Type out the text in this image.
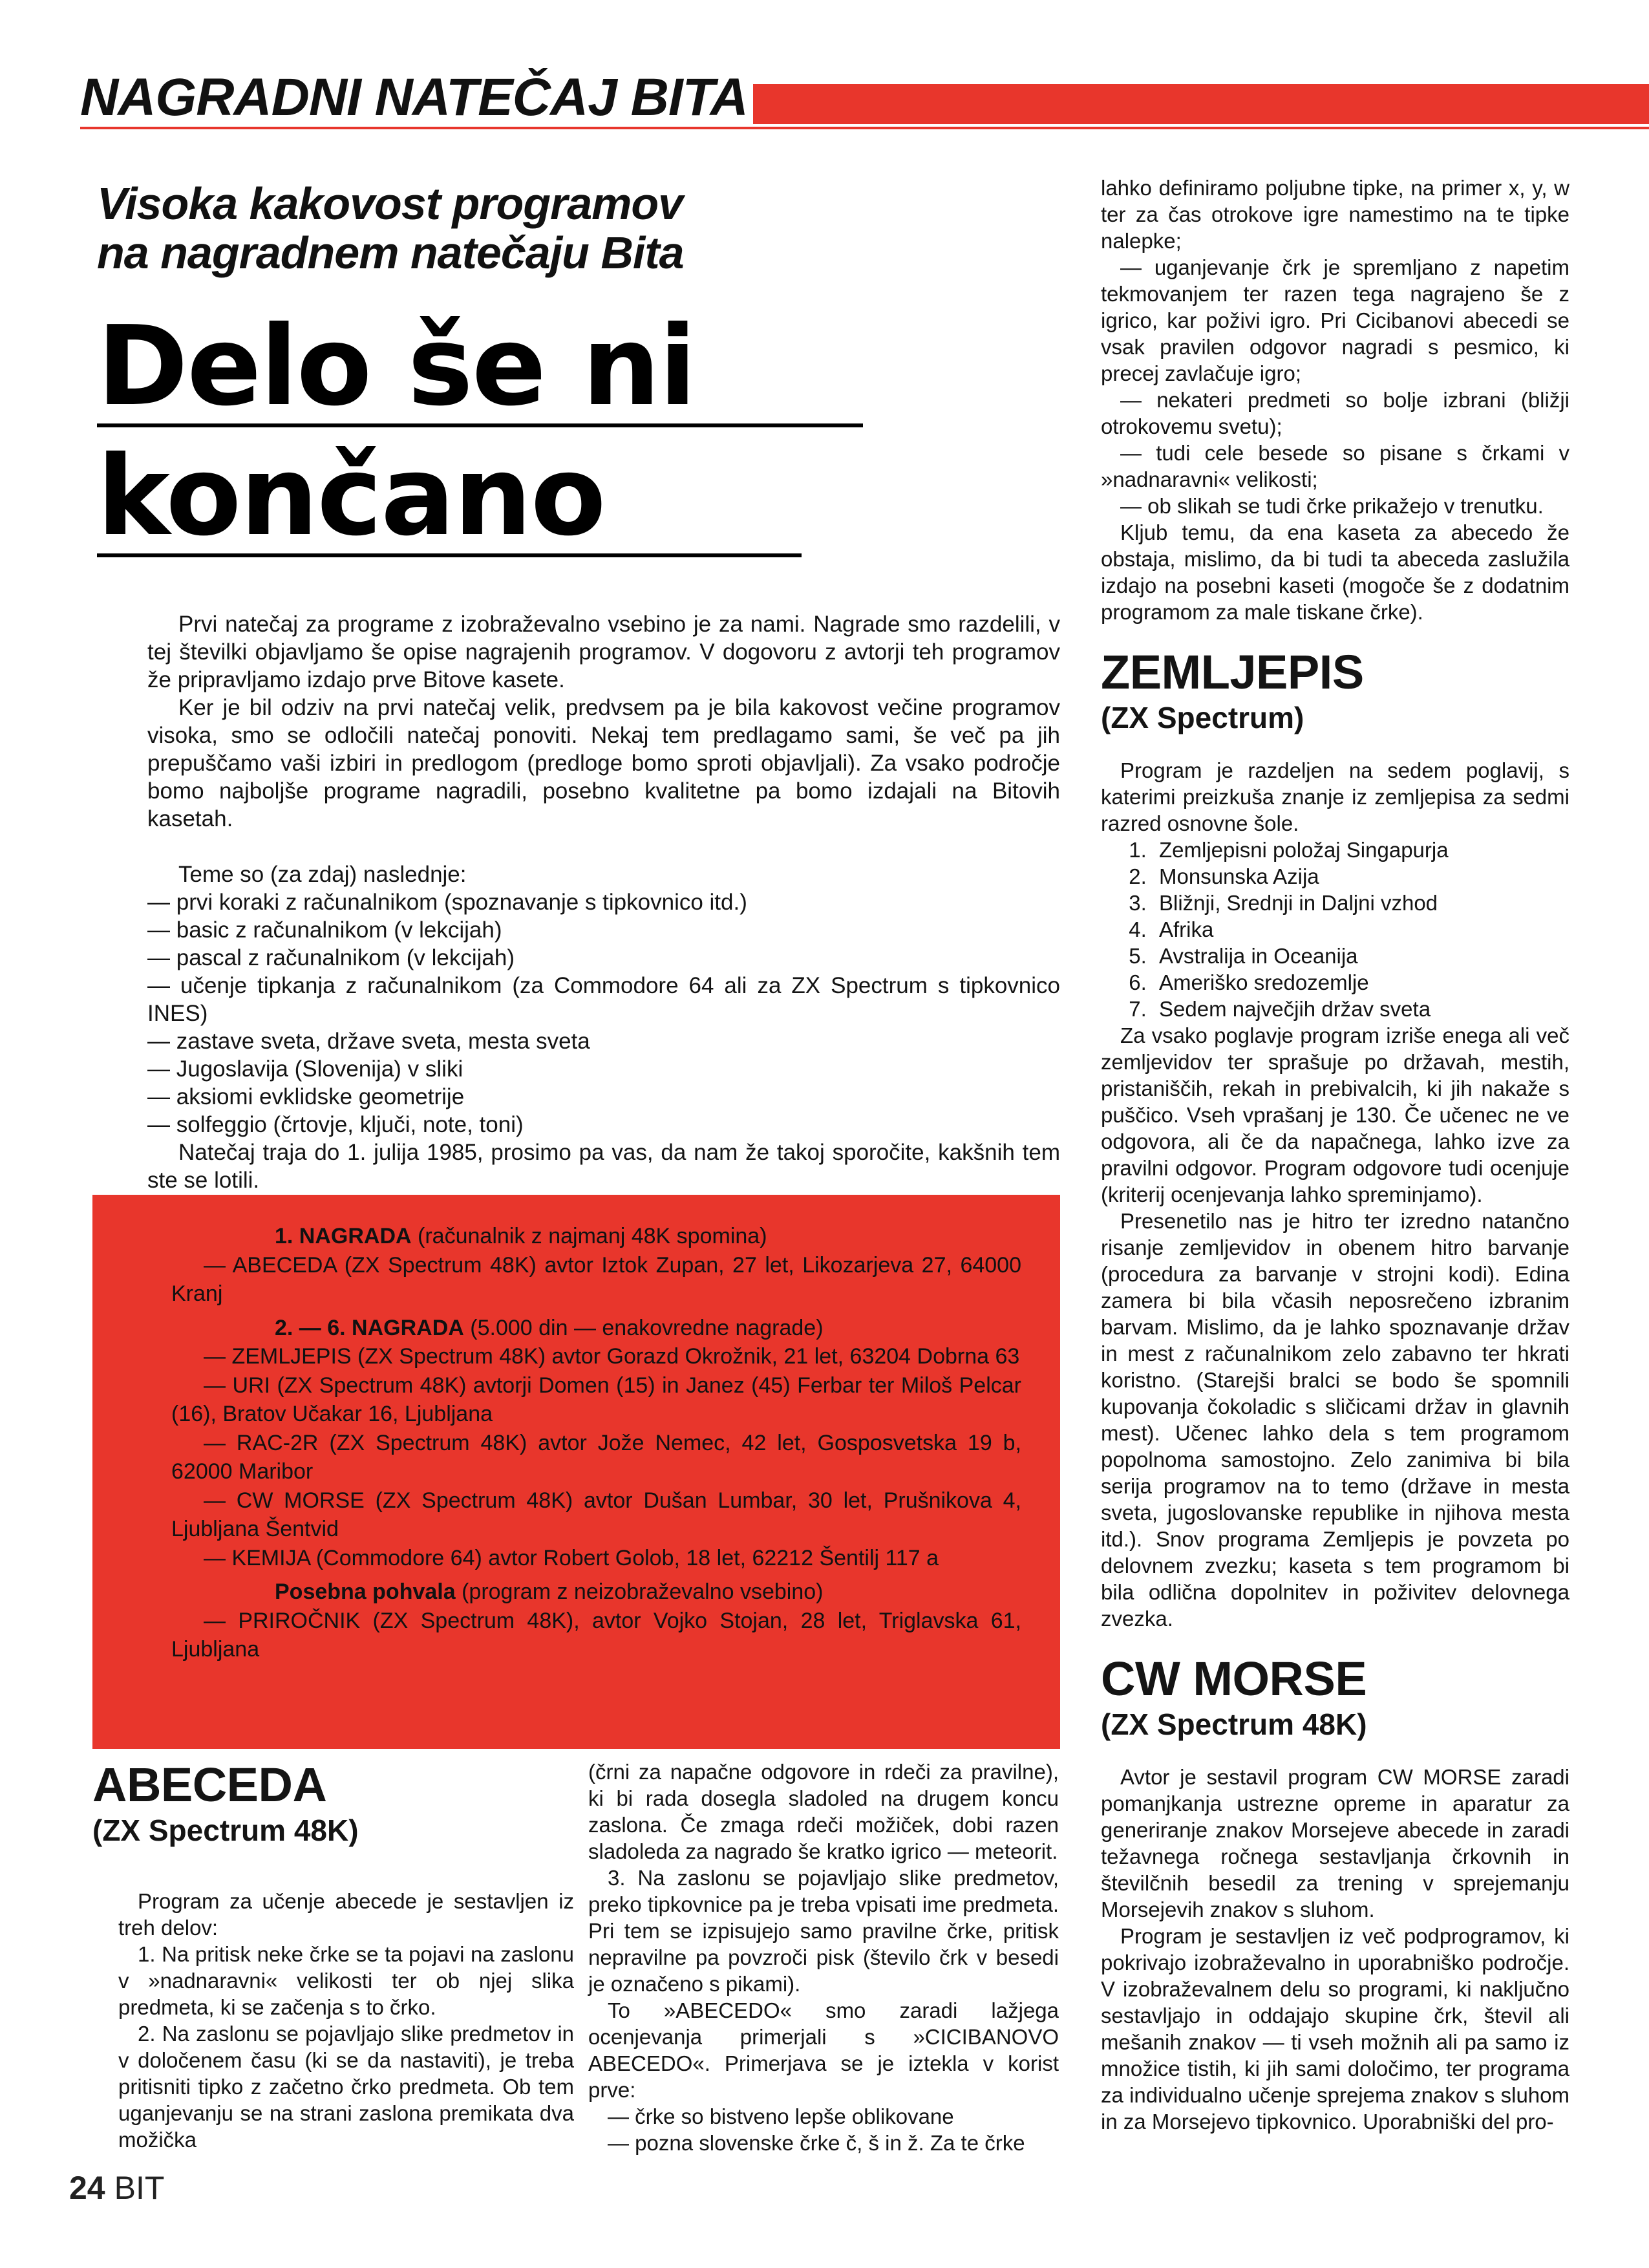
NAGRADNI NATEČAJ BITA
Visoka kakovost programov
na nagradnem natečaju Bita
Delo še ni
končano

Prvi natečaj za programe z izobraževalno vsebino je za nami. Nagrade smo razdelili, v tej številki objavljamo še opise nagrajenih programov. V dogovoru z avtorji teh programov že pripravljamo izdajo prve Bitove kasete.

Ker je bil odziv na prvi natečaj velik, predvsem pa je bila kakovost večine programov visoka, smo se odločili natečaj ponoviti. Nekaj tem predlagamo sami, še več pa jih prepuščamo vaši izbiri in predlogom (predloge bomo sproti objavljali). Za vsako področje bomo najboljše programe nagradili, posebno kvalitetne pa bomo izdajali na Bitovih kasetah.

Teme so (za zdaj) naslednje:

— prvi koraki z računalnikom (spoznavanje s tipkovnico itd.)
— basic z računalnikom (v lekcijah)
— pascal z računalnikom (v lekcijah)
— učenje tipkanja z računalnikom (za Commodore 64 ali za ZX Spectrum s tipkovnico INES)
— zastave sveta, države sveta, mesta sveta
— Jugoslavija (Slovenija) v sliki
— aksiomi evklidske geometrije
— solfeggio (črtovje, ključi, note, toni)

Natečaj traja do 1. julija 1985, prosimo pa vas, da nam že takoj sporočite, kakšnih tem ste se lotili.

1. NAGRADA (računalnik z najmanj 48K spomina)

— ABECEDA (ZX Spectrum 48K) avtor Iztok Zupan, 27 let, Likozarjeva 27, 64000 Kranj

2. — 6. NAGRADA (5.000 din — enakovredne nagrade)

— ZEMLJEPIS (ZX Spectrum 48K) avtor Gorazd Okrožnik, 21 let, 63204 Dobrna 63

— URI (ZX Spectrum 48K) avtorji Domen (15) in Janez (45) Ferbar ter Miloš Pelcar (16), Bratov Učakar 16, Ljubljana

— RAC-2R (ZX Spectrum 48K) avtor Jože Nemec, 42 let, Gosposvetska 19 b, 62000 Maribor

— CW MORSE (ZX Spectrum 48K) avtor Dušan Lumbar, 30 let, Prušnikova 4, Ljubljana Šentvid

— KEMIJA (Commodore 64) avtor Robert Golob, 18 let, 62212 Šentilj 117 a

Posebna pohvala (program z neizobraževalno vsebino)

— PRIROČNIK (ZX Spectrum 48K), avtor Vojko Stojan, 28 let, Triglavska 61, Ljubljana

ABECEDA
(ZX Spectrum 48K)

Program za učenje abecede je sestavljen iz treh delov:

1. Na pritisk neke črke se ta pojavi na zaslonu v »nadnaravni« velikosti ter ob njej slika predmeta, ki se začenja s to črko.

2. Na zaslonu se pojavljajo slike predmetov in v določenem času (ki se da nastaviti), je treba pritisniti tipko z začetno črko predmeta. Ob tem uganjevanju se na strani zaslona premikata dva možička

(črni za napačne odgovore in rdeči za pravilne), ki bi rada dosegla sladoled na drugem koncu zaslona. Če zmaga rdeči možiček, dobi razen sladoleda za nagrado še kratko igrico — meteorit.

3. Na zaslonu se pojavljajo slike predmetov, preko tipkovnice pa je treba vpisati ime predmeta. Pri tem se izpisujejo samo pravilne črke, pritisk nepravilne pa povzroči pisk (število črk v besedi je označeno s pikami).

To »ABECEDO« smo zaradi lažjega ocenjevanja primerjali s »CICIBANOVO ABECEDO«. Primerjava se je iztekla v korist prve:

— črke so bistveno lepše oblikovane

— pozna slovenske črke č, š in ž. Za te črke

lahko definiramo poljubne tipke, na primer x, y, w ter za čas otrokove igre namestimo na te tipke nalepke;

— uganjevanje črk je spremljano z napetim tekmovanjem ter razen tega nagrajeno še z igrico, kar poživi igro. Pri Cicibanovi abecedi se vsak pravilen odgovor nagradi s pesmico, ki precej zavlačuje igro;

— nekateri predmeti so bolje izbrani (bližji otrokovemu svetu);

— tudi cele besede so pisane s črkami v »nadnaravni« velikosti;

— ob slikah se tudi črke prikažejo v trenutku.

Kljub temu, da ena kaseta za abecedo že obstaja, mislimo, da bi tudi ta abeceda zaslužila izdajo na posebni kaseti (mogoče še z dodatnim programom za male tiskane črke).

ZEMLJEPIS
(ZX Spectrum)

Program je razdeljen na sedem poglavij, s katerimi preizkuša znanje iz zemljepisa za sedmi razred osnovne šole.

1. Zemljepisni položaj Singapurja
2. Monsunska Azija
3. Bližnji, Srednji in Daljni vzhod
4. Afrika
5. Avstralija in Oceanija
6. Ameriško sredozemlje
7. Sedem največjih držav sveta

Za vsako poglavje program izriše enega ali več zemljevidov ter sprašuje po državah, mestih, pristaniščih, rekah in prebivalcih, ki jih nakaže s puščico. Vseh vprašanj je 130. Če učenec ne ve odgovora, ali če da napačnega, lahko izve za pravilni odgovor. Program odgovore tudi ocenjuje (kriterij ocenjevanja lahko spreminjamo).

Presenetilo nas je hitro ter izredno natančno risanje zemljevidov in obenem hitro barvanje (procedura za barvanje v strojni kodi). Edina zamera bi bila včasih neposrečeno izbranim barvam. Mislimo, da je lahko spoznavanje držav in mest z računalnikom zelo zabavno ter hkrati koristno. (Starejši bralci se bodo še spomnili kupovanja čokoladic s sličicami držav in glavnih mest). Učenec lahko dela s tem programom popolnoma samostojno. Zelo zanimiva bi bila serija programov na to temo (države in mesta sveta, jugoslovanske republike in njihova mesta itd.). Snov programa Zemljepis je povzeta po delovnem zvezku; kaseta s tem programom bi bila odlična dopolnitev in poživitev delovnega zvezka.

CW MORSE
(ZX Spectrum 48K)

Avtor je sestavil program CW MORSE zaradi pomanjkanja ustrezne opreme in aparatur za generiranje znakov Morsejeve abecede in zaradi težavnega ročnega sestavljanja črkovnih in številčnih besedil za trening v sprejemanju Morsejevih znakov s sluhom.

Program je sestavljen iz več podprogramov, ki pokrivajo izobraževalno in uporabniško področje. V izobraževalnem delu so programi, ki naključno sestavljajo in oddajajo skupine črk, števil ali mešanih znakov — ti vseh možnih ali pa samo iz množice tistih, ki jih sami določimo, ter programa za individualno učenje sprejema znakov s sluhom in za Morsejevo tipkovnico. Uporabniški del pro-

24 BIT
